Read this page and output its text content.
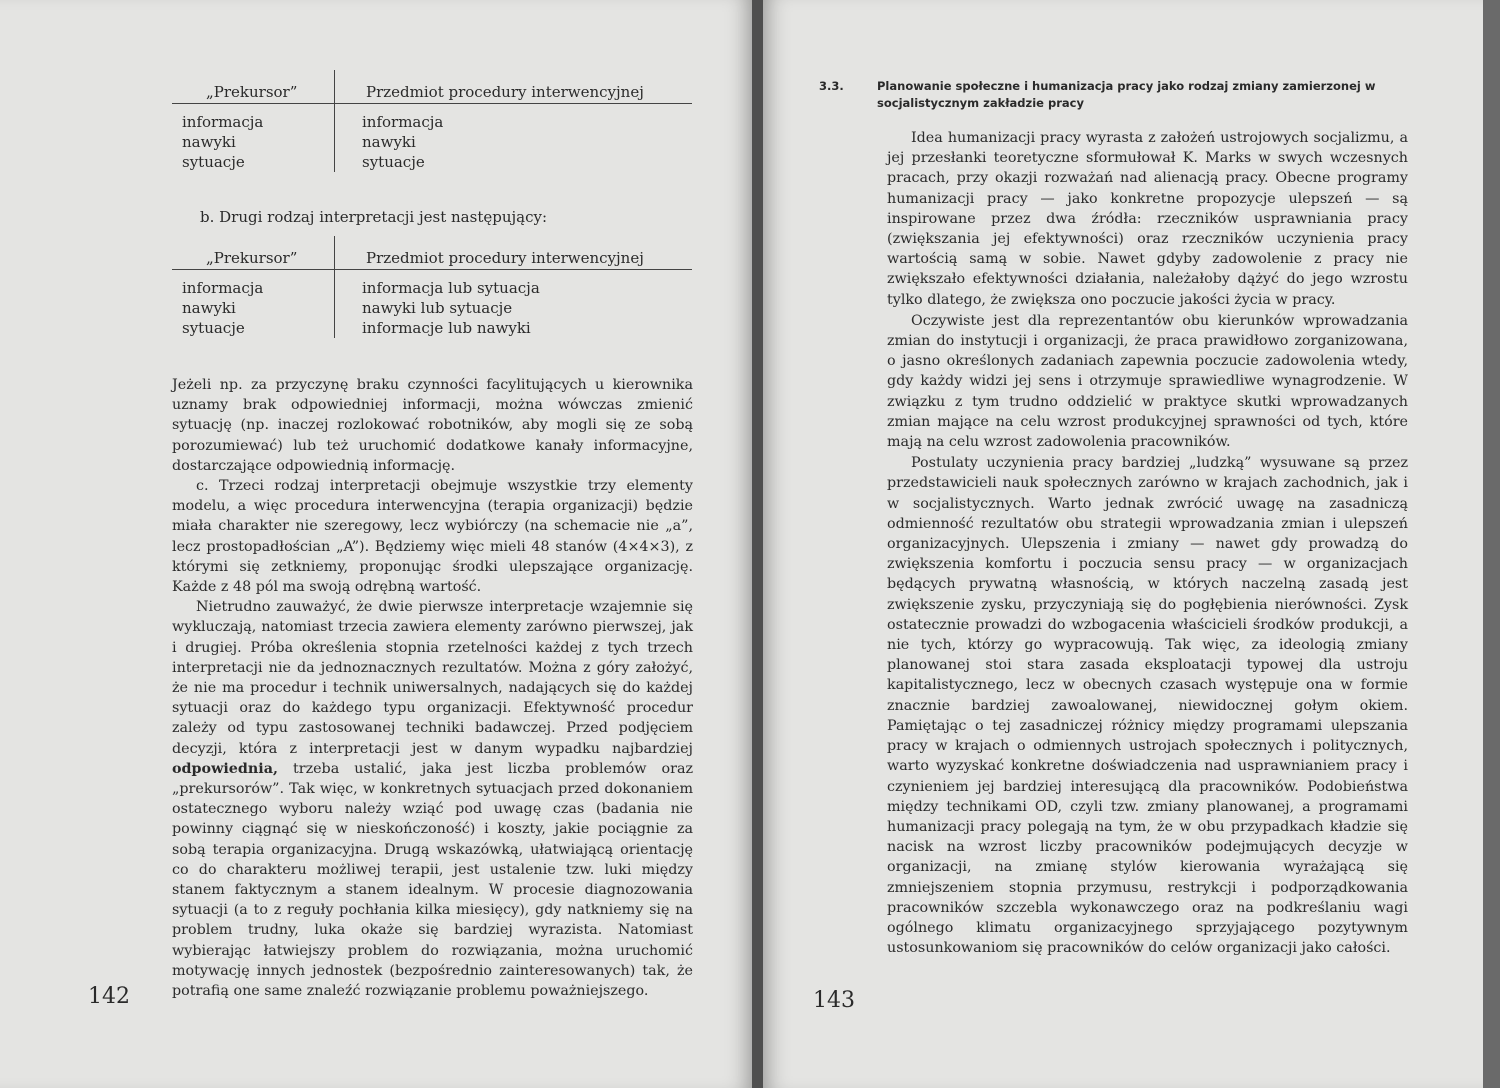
„Prekursor”	Przedmiot procedury interwencyjnej
informacja	informacja
nawyki	nawyki
sytuacje	sytuacje
b. Drugi rodzaj interpretacji jest następujący:
„Prekursor”	Przedmiot procedury interwencyjnej
informacja	informacja lub sytuacja
nawyki	nawyki lub sytuacje
sytuacje	informacje lub nawyki

Jeżeli np. za przyczynę braku czynności facylitujących u kierownika uznamy brak odpowiedniej informacji, można wówczas zmienić sytuację (np. inaczej rozlokować robotników, aby mogli się ze sobą porozumiewać) lub też uruchomić dodatkowe kanały informacyjne, dostarczające odpowiednią informację.

c. Trzeci rodzaj interpretacji obejmuje wszystkie trzy elementy modelu, a więc procedura interwencyjna (terapia organizacji) będzie miała charakter nie szeregowy, lecz wybiórczy (na schemacie nie „a”, lecz prostopadłościan „A”). Będziemy więc mieli 48 stanów (4×4×3), z którymi się zetkniemy, proponując środki ulepszające organizację. Każde z 48 pól ma swoją odrębną wartość.

Nietrudno zauważyć, że dwie pierwsze interpretacje wzajemnie się wykluczają, natomiast trzecia zawiera elementy zarówno pierwszej, jak i drugiej. Próba określenia stopnia rzetelności każdej z tych trzech interpretacji nie da jednoznacznych rezultatów. Można z góry założyć, że nie ma procedur i technik uniwersalnych, nadających się do każdej sytuacji oraz do każdego typu organizacji. Efektywność procedur zależy od typu zastosowanej techniki badawczej. Przed podjęciem decyzji, która z interpretacji jest w danym wypadku najbardziej odpowiednia, trzeba ustalić, jaka jest liczba problemów oraz „prekursorów”. Tak więc, w konkretnych sytuacjach przed dokonaniem ostatecznego wyboru należy wziąć pod uwagę czas (badania nie powinny ciągnąć się w nieskończoność) i koszty, jakie pociągnie za sobą terapia organizacyjna. Drugą wskazówką, ułatwiającą orientację co do charakteru możliwej terapii, jest ustalenie tzw. luki między stanem faktycznym a stanem idealnym. W procesie diagnozowania sytuacji (a to z reguły pochłania kilka miesięcy), gdy natkniemy się na problem trudny, luka okaże się bardziej wyrazista. Natomiast wybierając łatwiejszy problem do rozwiązania, można uruchomić motywację innych jednostek (bezpośrednio zainteresowanych) tak, że potrafią one same znaleźć rozwiązanie problemu poważniejszego.

142
3.3.	Planowanie społeczne i humanizacja pracy jako rodzaj zmiany zamierzonej w socjalistycznym zakładzie pracy

Idea humanizacji pracy wyrasta z założeń ustrojowych socjalizmu, a jej przesłanki teoretyczne sformułował K. Marks w swych wczesnych pracach, przy okazji rozważań nad alienacją pracy. Obecne programy humanizacji pracy — jako konkretne propozycje ulepszeń — są inspirowane przez dwa źródła: rzeczników usprawniania pracy (zwiększania jej efektywności) oraz rzeczników uczynienia pracy wartością samą w sobie. Nawet gdyby zadowolenie z pracy nie zwiększało efektywności działania, należałoby dążyć do jego wzrostu tylko dlatego, że zwiększa ono poczucie jakości życia w pracy.

Oczywiste jest dla reprezentantów obu kierunków wprowadzania zmian do instytucji i organizacji, że praca prawidłowo zorganizowana, o jasno określonych zadaniach zapewnia poczucie zadowolenia wtedy, gdy każdy widzi jej sens i otrzymuje sprawiedliwe wynagrodzenie. W związku z tym trudno oddzielić w praktyce skutki wprowadzanych zmian mające na celu wzrost produkcyjnej sprawności od tych, które mają na celu wzrost zadowolenia pracowników.

Postulaty uczynienia pracy bardziej „ludzką” wysuwane są przez przedstawicieli nauk społecznych zarówno w krajach zachodnich, jak i w socjalistycznych. Warto jednak zwrócić uwagę na zasadniczą odmienność rezultatów obu strategii wprowadzania zmian i ulepszeń organizacyjnych. Ulepszenia i zmiany — nawet gdy prowadzą do zwiększenia komfortu i poczucia sensu pracy — w organizacjach będących prywatną własnością, w których naczelną zasadą jest zwiększenie zysku, przyczyniają się do pogłębienia nierówności. Zysk ostatecznie prowadzi do wzbogacenia właścicieli środków produkcji, a nie tych, którzy go wypracowują. Tak więc, za ideologią zmiany planowanej stoi stara zasada eksploatacji typowej dla ustroju kapitalistycznego, lecz w obecnych czasach występuje ona w formie znacznie bardziej zawoalowanej, niewidocznej gołym okiem. Pamiętając o tej zasadniczej różnicy między programami ulepszania pracy w krajach o odmiennych ustrojach społecznych i politycznych, warto wyzyskać konkretne doświadczenia nad usprawnianiem pracy i czynieniem jej bardziej interesującą dla pracowników. Podobieństwa między technikami OD, czyli tzw. zmiany planowanej, a programami humanizacji pracy polegają na tym, że w obu przypadkach kładzie się nacisk na wzrost liczby pracowników podejmujących decyzje w organizacji, na zmianę stylów kierowania wyrażającą się zmniejszeniem stopnia przymusu, restrykcji i podporządkowania pracowników szczebla wykonawczego oraz na podkreślaniu wagi ogólnego klimatu organizacyjnego sprzyjającego pozytywnym ustosunkowaniom się pracowników do celów organizacji jako całości.

143
